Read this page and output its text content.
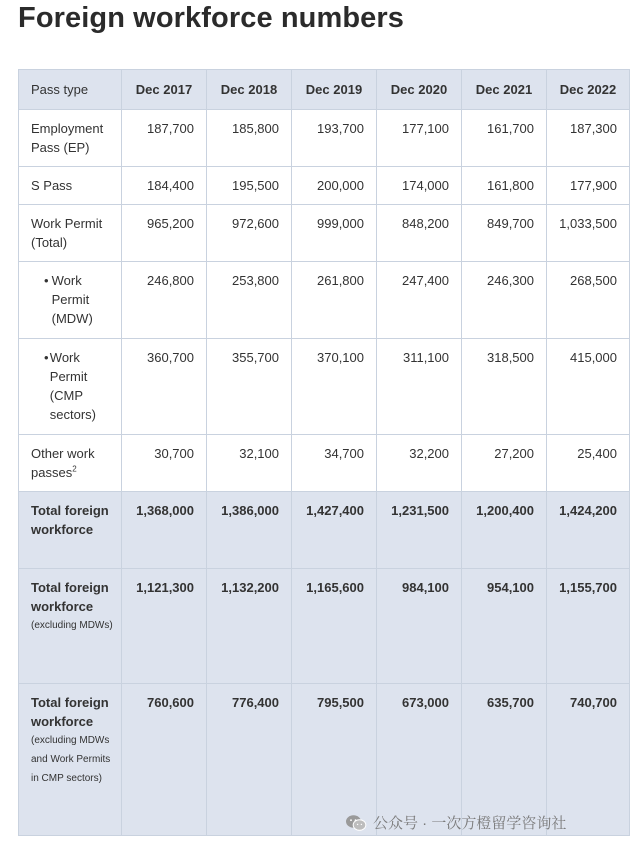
Foreign workforce numbers
Pass type	Dec 2017	Dec 2018	Dec 2019	Dec 2020	Dec 2021	Dec 2022
Employment Pass (EP)	187,700	185,800	193,700	177,100	161,700	187,300
S Pass	184,400	195,500	200,000	174,000	161,800	177,900
Work Permit (Total)	965,200	972,600	999,000	848,200	849,700	1,033,500

• Work Permit (MDW)	246,800	253,800	261,800	247,400	246,300	268,500

• Work Permit (CMP sectors)	360,700	355,700	370,100	311,100	318,500	415,000
Other work passes$^2$	30,700	32,100	34,700	32,200	27,200	25,400
Total foreign workforce	1,368,000	1,386,000	1,427,400	1,231,500	1,200,400	1,424,200
Total foreign workforce
(excluding MDWs)	1,121,300	1,132,200	1,165,600	984,100	954,100	1,155,700
Total foreign workforce
(excluding MDWs and Work Permits in CMP sectors)	760,600	776,400	795,500	673,000	635,700	740,700
公众号 · 一次方橙留学咨询社
